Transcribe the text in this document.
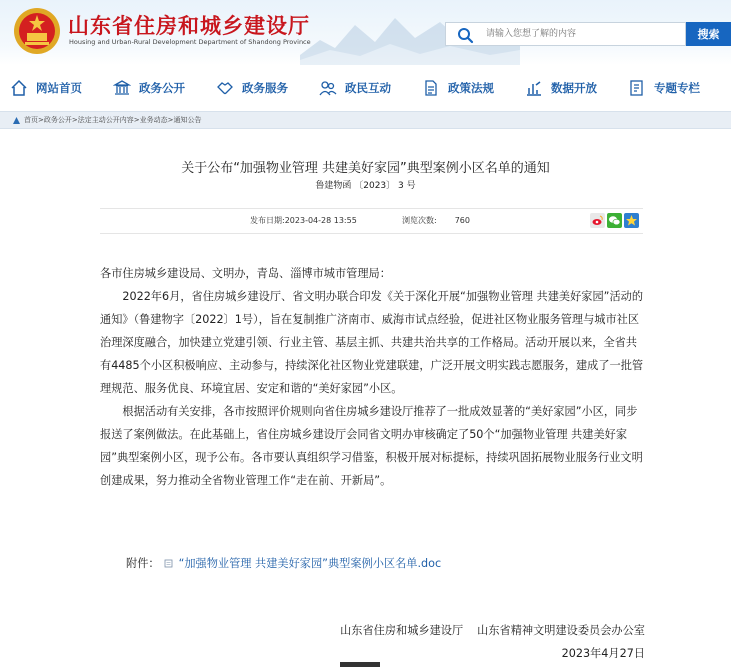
山东省住房和城乡建设厅
Housing and Urban-Rural Development Department of Shandong Province
请输入您想了解的内容
搜索
网站首页	政务公开	政务服务	政民互动	政策法规	数据开放	专题专栏
首页>政务公开>法定主动公开内容>业务动态>通知公告
关于公布“加强物业管理 共建美好家园”典型案例小区名单的通知
鲁建物函 〔2023〕 3 号
发布日期:2023-04-28 13:55	浏览次数: 760

各市住房城乡建设局、文明办，青岛、淄博市城市管理局：

2022年6月，省住房城乡建设厅、省文明办联合印发《关于深化开展“加强物业管理 共建美好家园”活动的通知》（鲁建物字〔2022〕1号），旨在复制推广济南市、威海市试点经验，促进社区物业服务管理与城市社区治理深度融合，加快建立党建引领、行业主管、基层主抓、共建共治共享的工作格局。活动开展以来，全省共有4485个小区积极响应、主动参与，持续深化社区物业党建联建，广泛开展文明实践志愿服务，建成了一批管理规范、服务优良、环境宜居、安定和谐的“美好家园”小区。

根据活动有关安排，各市按照评价规则向省住房城乡建设厅推荐了一批成效显著的“美好家园”小区，同步报送了案例做法。在此基础上，省住房城乡建设厅会同省文明办审核确定了50个“加强物业管理 共建美好家园”典型案例小区，现予公布。各市要认真组织学习借鉴，积极开展对标提标，持续巩固拓展物业服务行业文明创建成果，努力推动全省物业管理工作“走在前、开新局”。

附件： “加强物业管理 共建美好家园”典型案例小区名单.doc
山东省住房和城乡建设厅 山东省精神文明建设委员会办公室
2023年4月27日
